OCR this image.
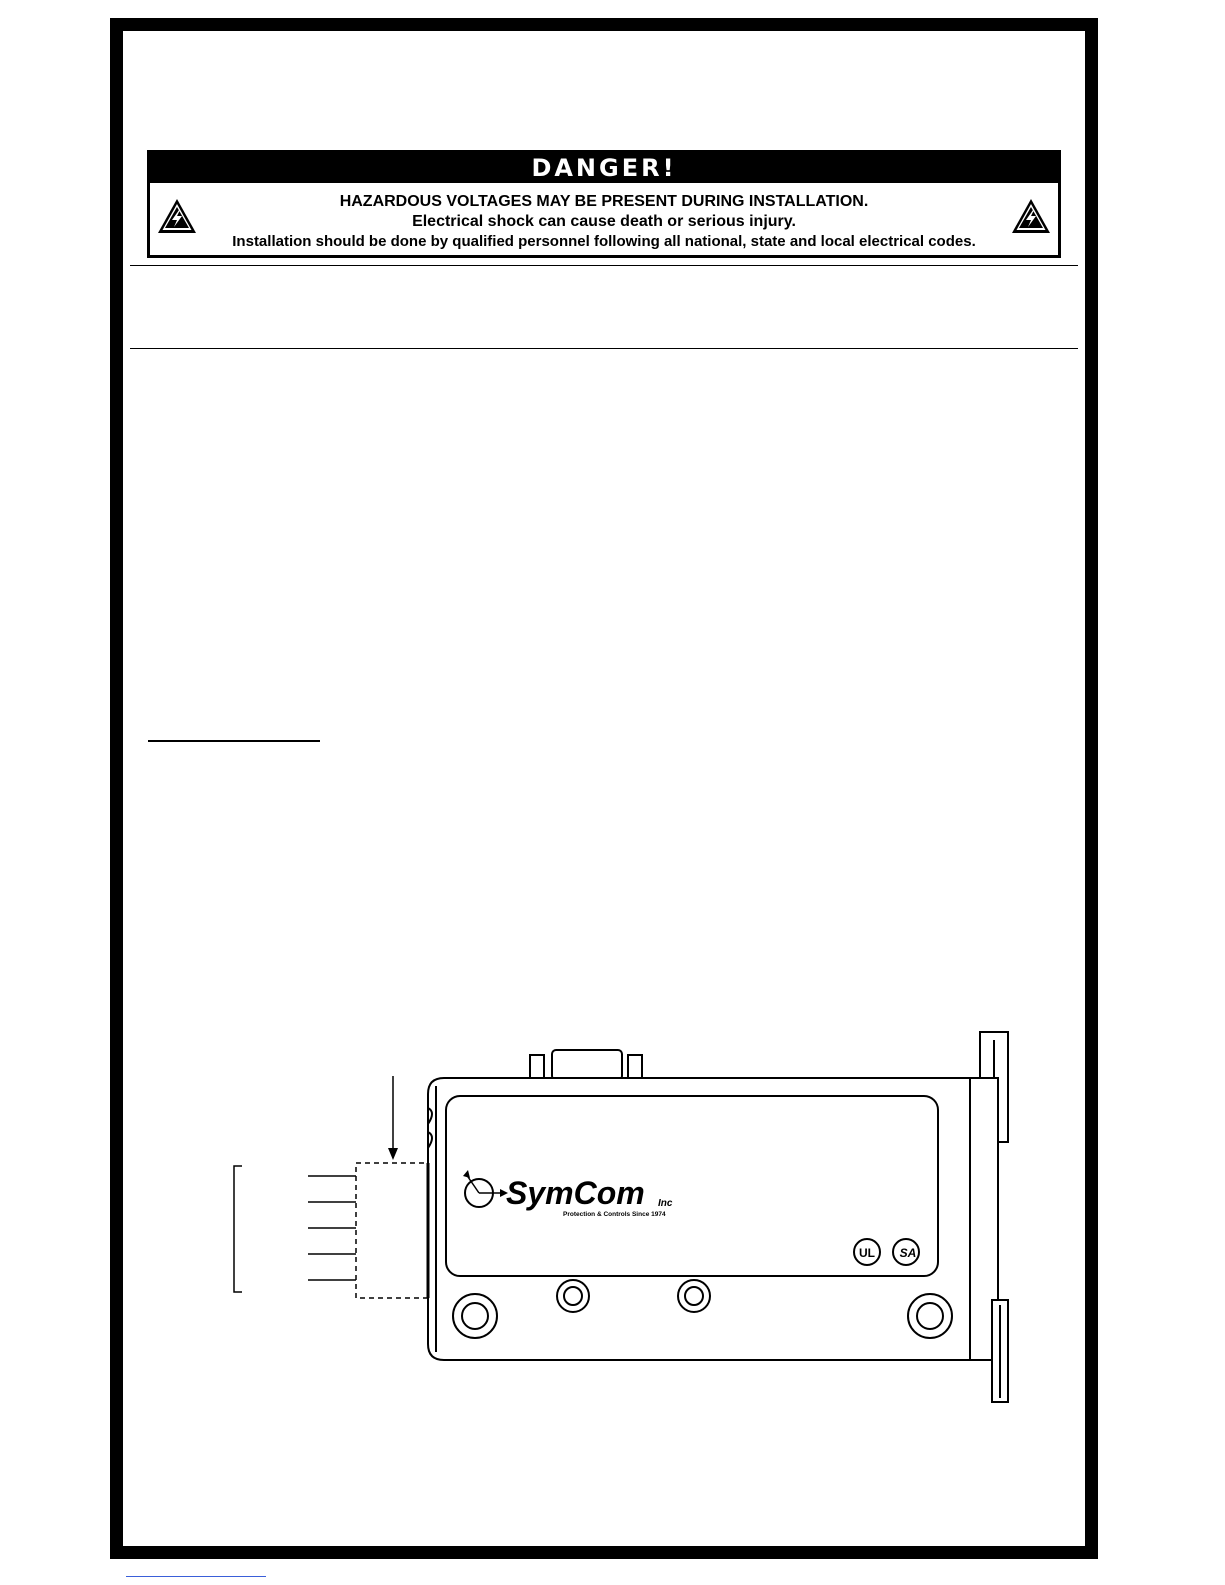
DANGER!
HAZARDOUS VOLTAGES MAY BE PRESENT DURING INSTALLATION.
Electrical shock can cause death or serious injury.
Installation should be done by qualified personnel following all national, state and local electrical codes.
SymCom Inc
Protection & Controls Since 1974
UL SA
